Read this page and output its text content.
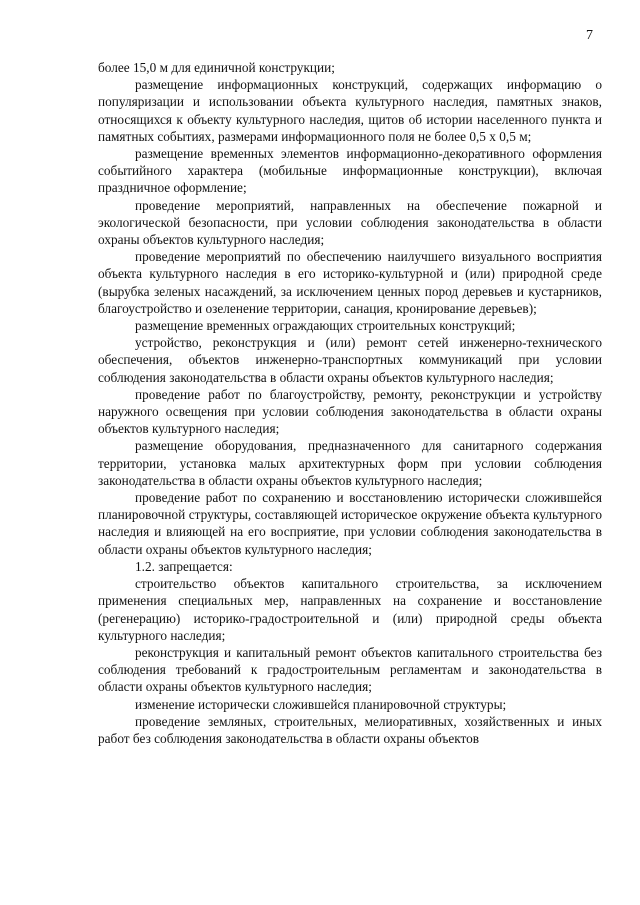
7

более 15,0 м для единичной конструкции;

размещение информационных конструкций, содержащих информацию о популяризации и использовании объекта культурного наследия, памятных знаков, относящихся к объекту культурного наследия, щитов об истории населенного пункта и памятных событиях, размерами информационного поля не более 0,5 х 0,5 м;

размещение временных элементов информационно-декоративного оформления событийного характера (мобильные информационные конструкции), включая праздничное оформление;

проведение мероприятий, направленных на обеспечение пожарной и экологической безопасности, при условии соблюдения законодательства в области охраны объектов культурного наследия;

проведение мероприятий по обеспечению наилучшего визуального восприятия объекта культурного наследия в его историко-культурной и (или) природной среде (вырубка зеленых насаждений, за исключением ценных пород деревьев и кустарников, благоустройство и озеленение территории, санация, кронирование деревьев);

размещение временных ограждающих строительных конструкций;

устройство, реконструкция и (или) ремонт сетей инженерно-технического обеспечения, объектов инженерно-транспортных коммуникаций при условии соблюдения законодательства в области охраны объектов культурного наследия;

проведение работ по благоустройству, ремонту, реконструкции и устройству наружного освещения при условии соблюдения законодательства в области охраны объектов культурного наследия;

размещение оборудования, предназначенного для санитарного содержания территории, установка малых архитектурных форм при условии соблюдения законодательства в области охраны объектов культурного наследия;

проведение работ по сохранению и восстановлению исторически сложившейся планировочной структуры, составляющей историческое окружение объекта культурного наследия и влияющей на его восприятие, при условии соблюдения законодательства в области охраны объектов культурного наследия;

1.2. запрещается:

строительство объектов капитального строительства, за исключением применения специальных мер, направленных на сохранение и восстановление (регенерацию) историко-градостроительной и (или) природной среды объекта культурного наследия;

реконструкция и капитальный ремонт объектов капитального строительства без соблюдения требований к градостроительным регламентам и законодательства в области охраны объектов культурного наследия;

изменение исторически сложившейся планировочной структуры;

проведение земляных, строительных, мелиоративных, хозяйственных и иных работ без соблюдения законодательства в области охраны объектов
